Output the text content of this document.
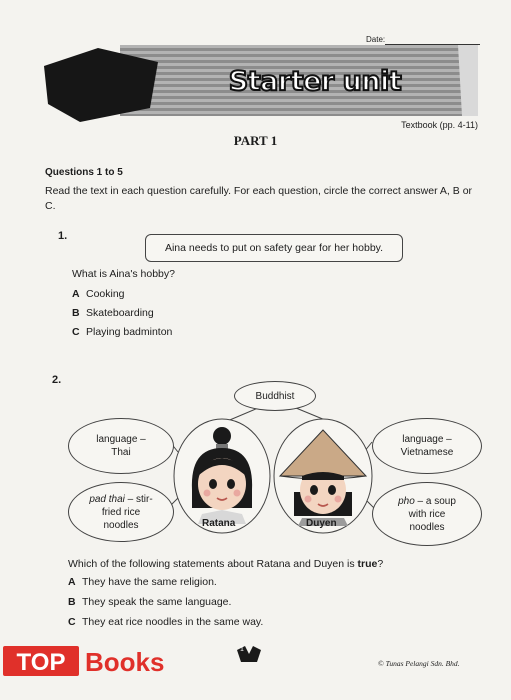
Date:
Starter unit
Textbook (pp. 4-11)
PART 1
Questions 1 to 5
Read the text in each question carefully. For each question, circle the correct answer A, B or C.
1.
Aina needs to put on safety gear for her hobby.
What is Aina's hobby?
A Cooking
B Skateboarding
C Playing badminton
2.
Buddhist
language – Thai
pad thai – stir-fried rice noodles
language – Vietnamese
pho – a soup with rice noodles
Ratana	Duyen
Which of the following statements about Ratana and Duyen is true?
A They have the same religion.
B They speak the same language.
C They eat rice noodles in the same way.
TOP Books	1
© Tunas Pelangi Sdn. Bhd.
